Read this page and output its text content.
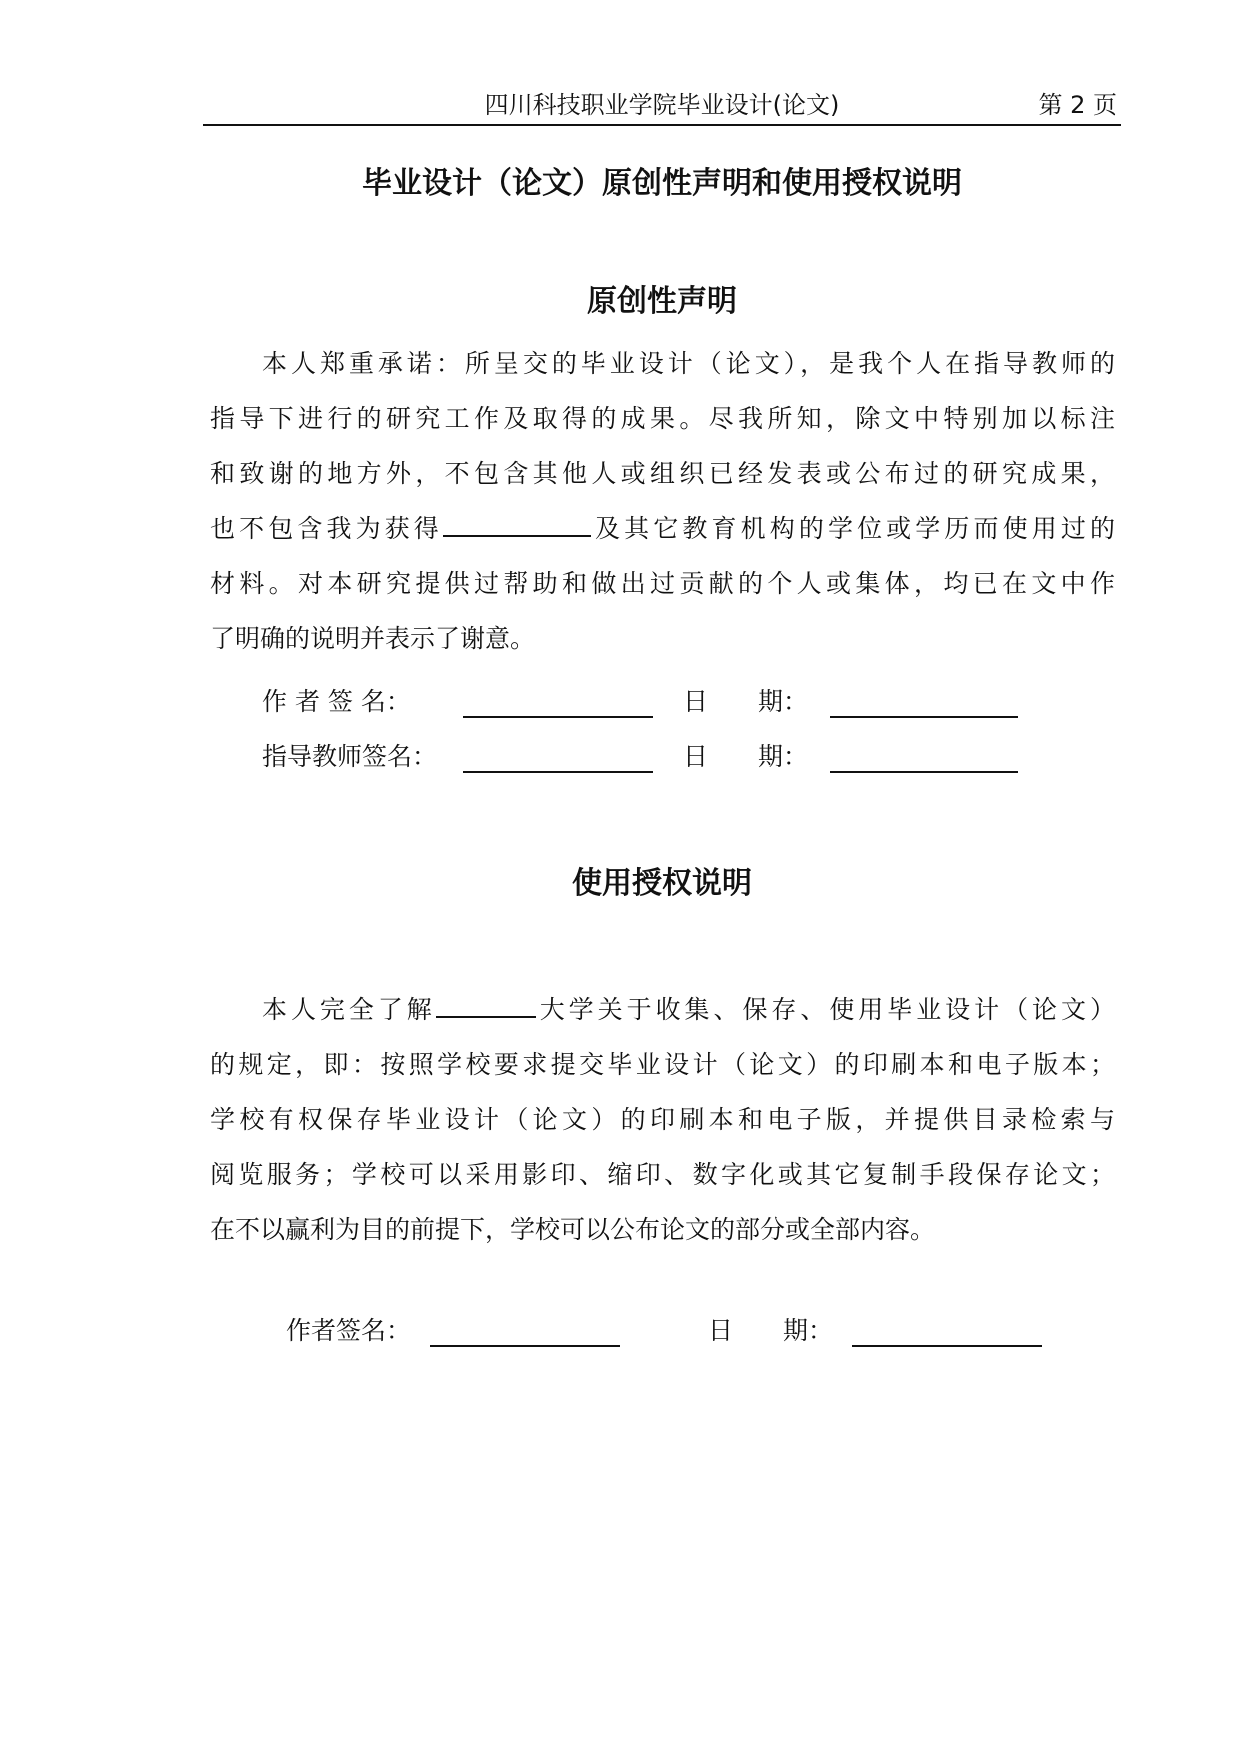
四川科技职业学院毕业设计(论文)	第 2 页
毕业设计（论文）原创性声明和使用授权说明
原创性声明
本人郑重承诺：所呈交的毕业设计（论文），是我个人在指导教师的
指导下进行的研究工作及取得的成果。尽我所知，除文中特别加以标注
和致谢的地方外，不包含其他人或组织已经发表或公布过的研究成果，
也不包含我为获得	及其它教育机构的学位或学历而使用过的
材料。对本研究提供过帮助和做出过贡献的个人或集体，均已在文中作
了明确的说明并表示了谢意。
作 者 签 名：	日　　期：
指导教师签名：	日　　期：
使用授权说明
本人完全了解	大学关于收集、保存、使用毕业设计（论文）
的规定，即：按照学校要求提交毕业设计（论文）的印刷本和电子版本；
学校有权保存毕业设计（论文）的印刷本和电子版，并提供目录检索与
阅览服务；学校可以采用影印、缩印、数字化或其它复制手段保存论文；
在不以赢利为目的前提下，学校可以公布论文的部分或全部内容。
作者签名：	日　　期：
